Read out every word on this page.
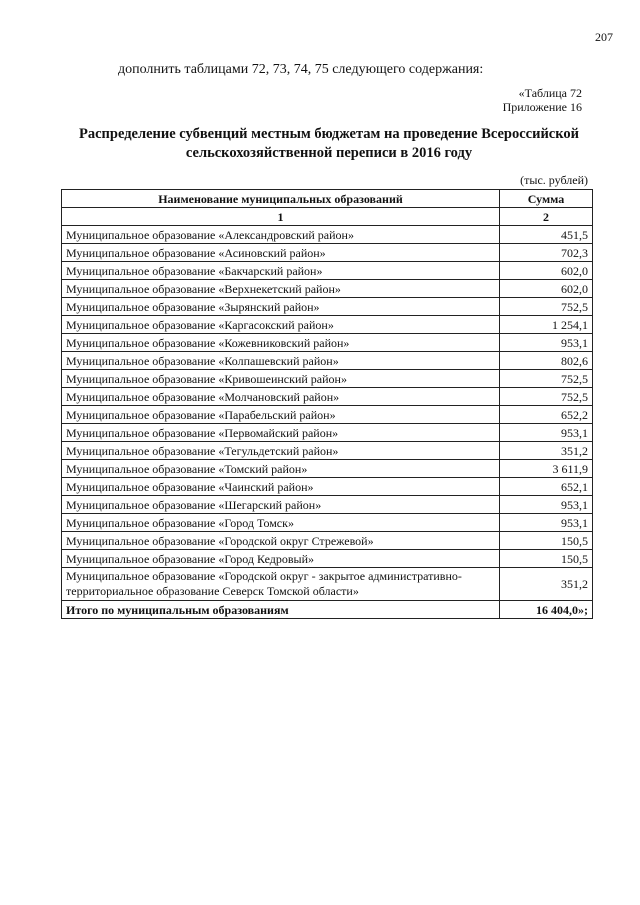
207
дополнить таблицами 72, 73, 74, 75 следующего содержания:
«Таблица 72
Приложение 16
Распределение субвенций местным бюджетам на проведение Всероссийской
сельскохозяйственной переписи в 2016 году
(тыс. рублей)
Наименование муниципальных образований	Сумма
1	2
Муниципальное образование «Александровский район»	451,5
Муниципальное образование «Асиновский район»	702,3
Муниципальное образование «Бакчарский район»	602,0
Муниципальное образование «Верхнекетский район»	602,0
Муниципальное образование «Зырянский район»	752,5
Муниципальное образование «Каргасокский район»	1 254,1
Муниципальное образование «Кожевниковский район»	953,1
Муниципальное образование «Колпашевский район»	802,6
Муниципальное образование «Кривошеинский район»	752,5
Муниципальное образование «Молчановский район»	752,5
Муниципальное образование «Парабельский район»	652,2
Муниципальное образование «Первомайский район»	953,1
Муниципальное образование «Тегульдетский район»	351,2
Муниципальное образование «Томский район»	3 611,9
Муниципальное образование «Чаинский район»	652,1
Муниципальное образование «Шегарский район»	953,1
Муниципальное образование «Город Томск»	953,1
Муниципальное образование «Городской округ Стрежевой»	150,5
Муниципальное образование «Город Кедровый»	150,5
Муниципальное образование «Городской округ - закрытое административно-территориальное образование Северск Томской области»	351,2
Итого по муниципальным образованиям	16 404,0»;
